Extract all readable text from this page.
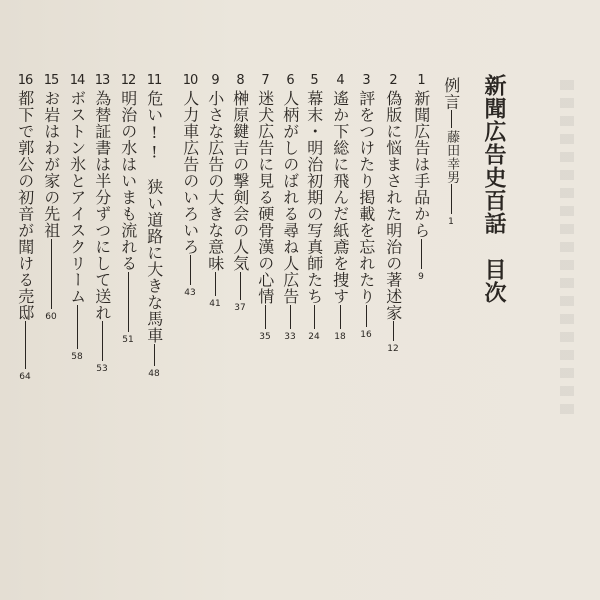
新聞広告史百話　目次
例言
藤田幸男
1
1
新聞広告は手品から
9
2
偽版に悩まされた明治の著述家
12
3
評をつけたり掲載を忘れたり
16
4
遙か下総に飛んだ紙鳶を捜す
18
5
幕末・明治初期の写真師たち
24
6
人柄がしのばれる尋ね人広告
33
7
迷犬広告に見る硬骨漢の心情
35
8
榊原鍵吉の撃剣会の人気
37
9
小さな広告の大きな意味
41
10
人力車広告のいろいろ
43
11
危い!!　狭い道路に大きな馬車
48
12
明治の水はいまも流れる
51
13
為替証書は半分ずつにして送れ
53
14
ボストン氷とアイスクリーム
58
15
お岩はわが家の先祖
60
16
都下で郭公の初音が聞ける売邸
64
